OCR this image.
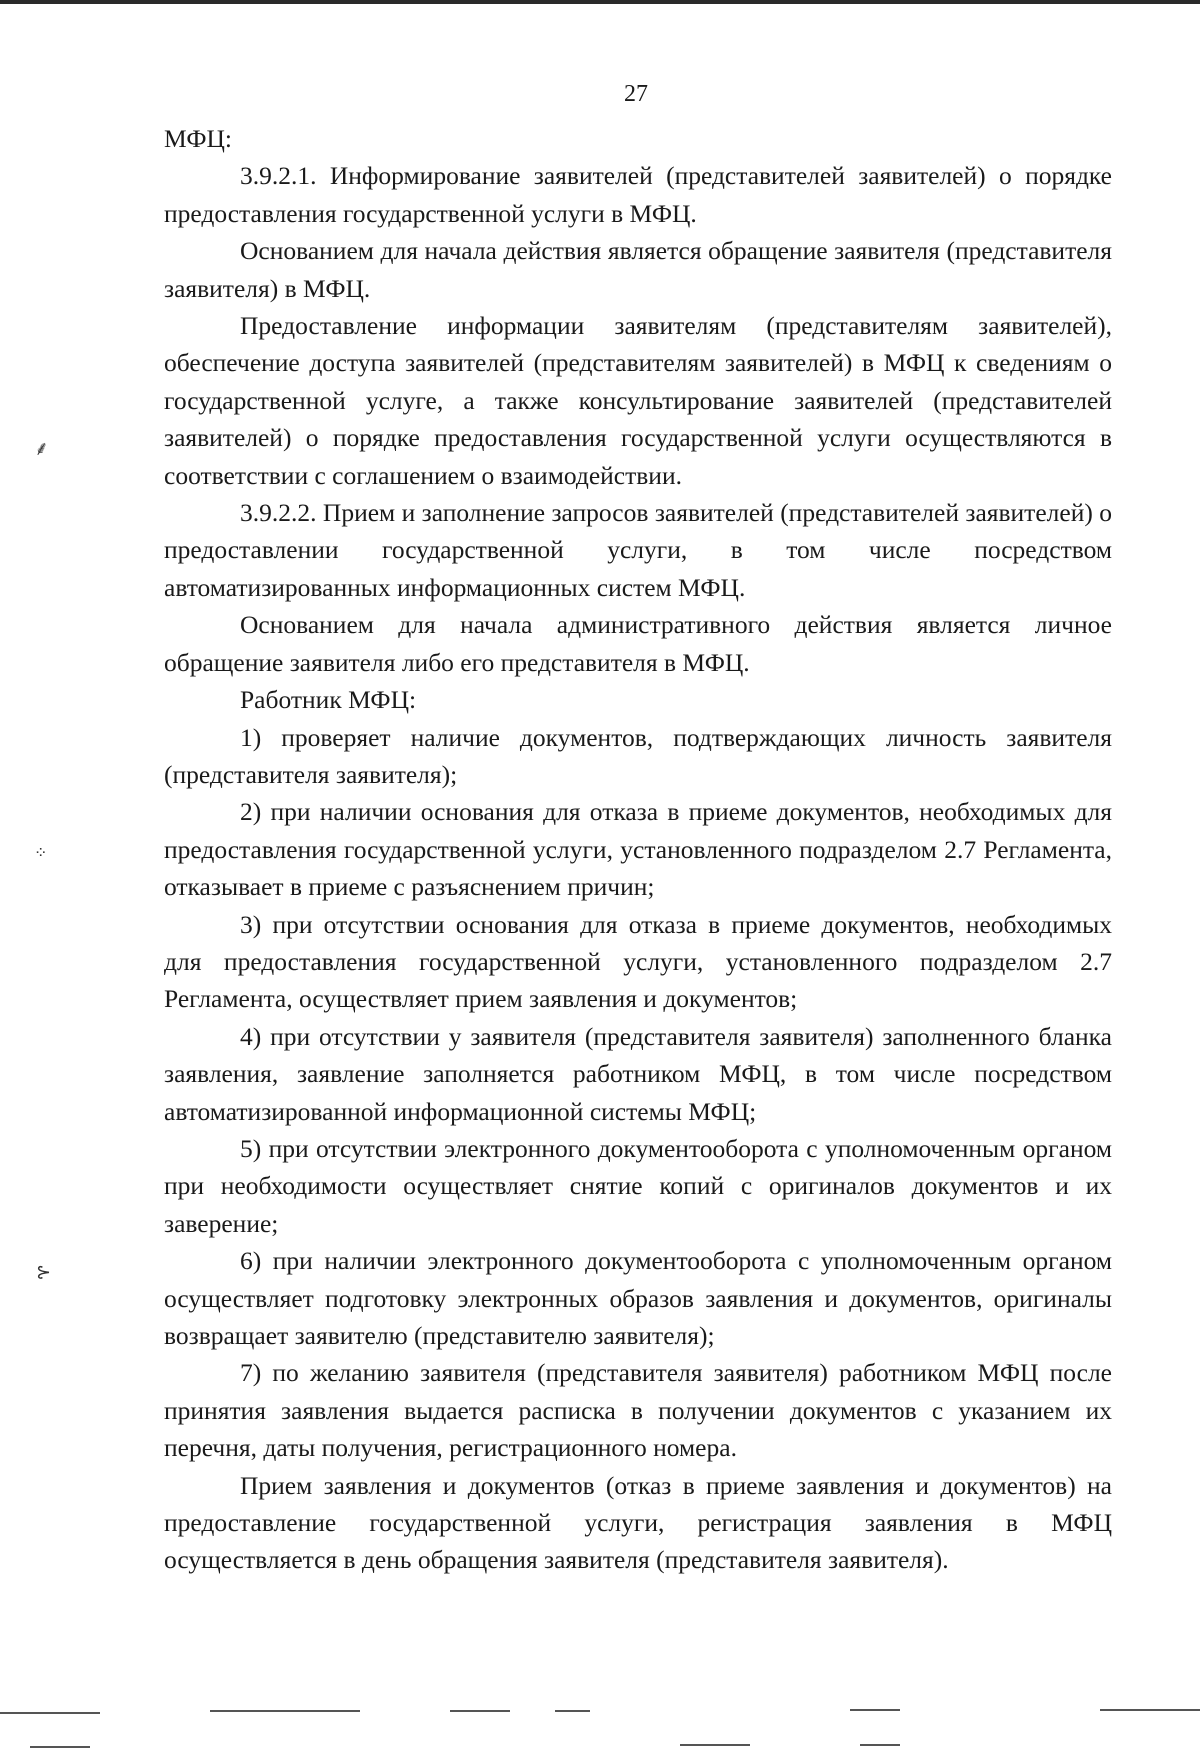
27

МФЦ:

3.9.2.1. Информирование заявителей (представителей заявителей) о порядке предоставления государственной услуги в МФЦ.

Основанием для начала действия является обращение заявителя (представителя заявителя) в МФЦ.

Предоставление информации заявителям (представителям заявителей), обеспечение доступа заявителей (представителям заявителей) в МФЦ к сведениям о государственной услуге, а также консультирование заявителей (представителей заявителей) о порядке предоставления государственной услуги осуществляются в соответствии с соглашением о взаимодействии.

3.9.2.2. Прием и заполнение запросов заявителей (представителей заявителей) о предоставлении государственной услуги, в том числе посредством автоматизированных информационных систем МФЦ.

Основанием для начала административного действия является личное обращение заявителя либо его представителя в МФЦ.

Работник МФЦ:

1) проверяет наличие документов, подтверждающих личность заявителя (представителя заявителя);

2) при наличии основания для отказа в приеме документов, необходимых для предоставления государственной услуги, установленного подразделом 2.7 Регламента, отказывает в приеме с разъяснением причин;

3) при отсутствии основания для отказа в приеме документов, необходимых для предоставления государственной услуги, установленного подразделом 2.7 Регламента, осуществляет прием заявления и документов;

4) при отсутствии у заявителя (представителя заявителя) заполненного бланка заявления, заявление заполняется работником МФЦ, в том числе посредством автоматизированной информационной системы МФЦ;

5) при отсутствии электронного документооборота с уполномоченным органом при необходимости осуществляет снятие копий с оригиналов документов и их заверение;

6) при наличии электронного документооборота с уполномоченным органом осуществляет подготовку электронных образов заявления и документов, оригиналы возвращает заявителю (представителю заявителя);

7) по желанию заявителя (представителя заявителя) работником МФЦ после принятия заявления выдается расписка в получении документов с указанием их перечня, даты получения, регистрационного номера.

Прием заявления и документов (отказ в приеме заявления и документов) на предоставление государственной услуги, регистрация заявления в МФЦ осуществляется в день обращения заявителя (представителя заявителя).

⸙
⁘
⊱
